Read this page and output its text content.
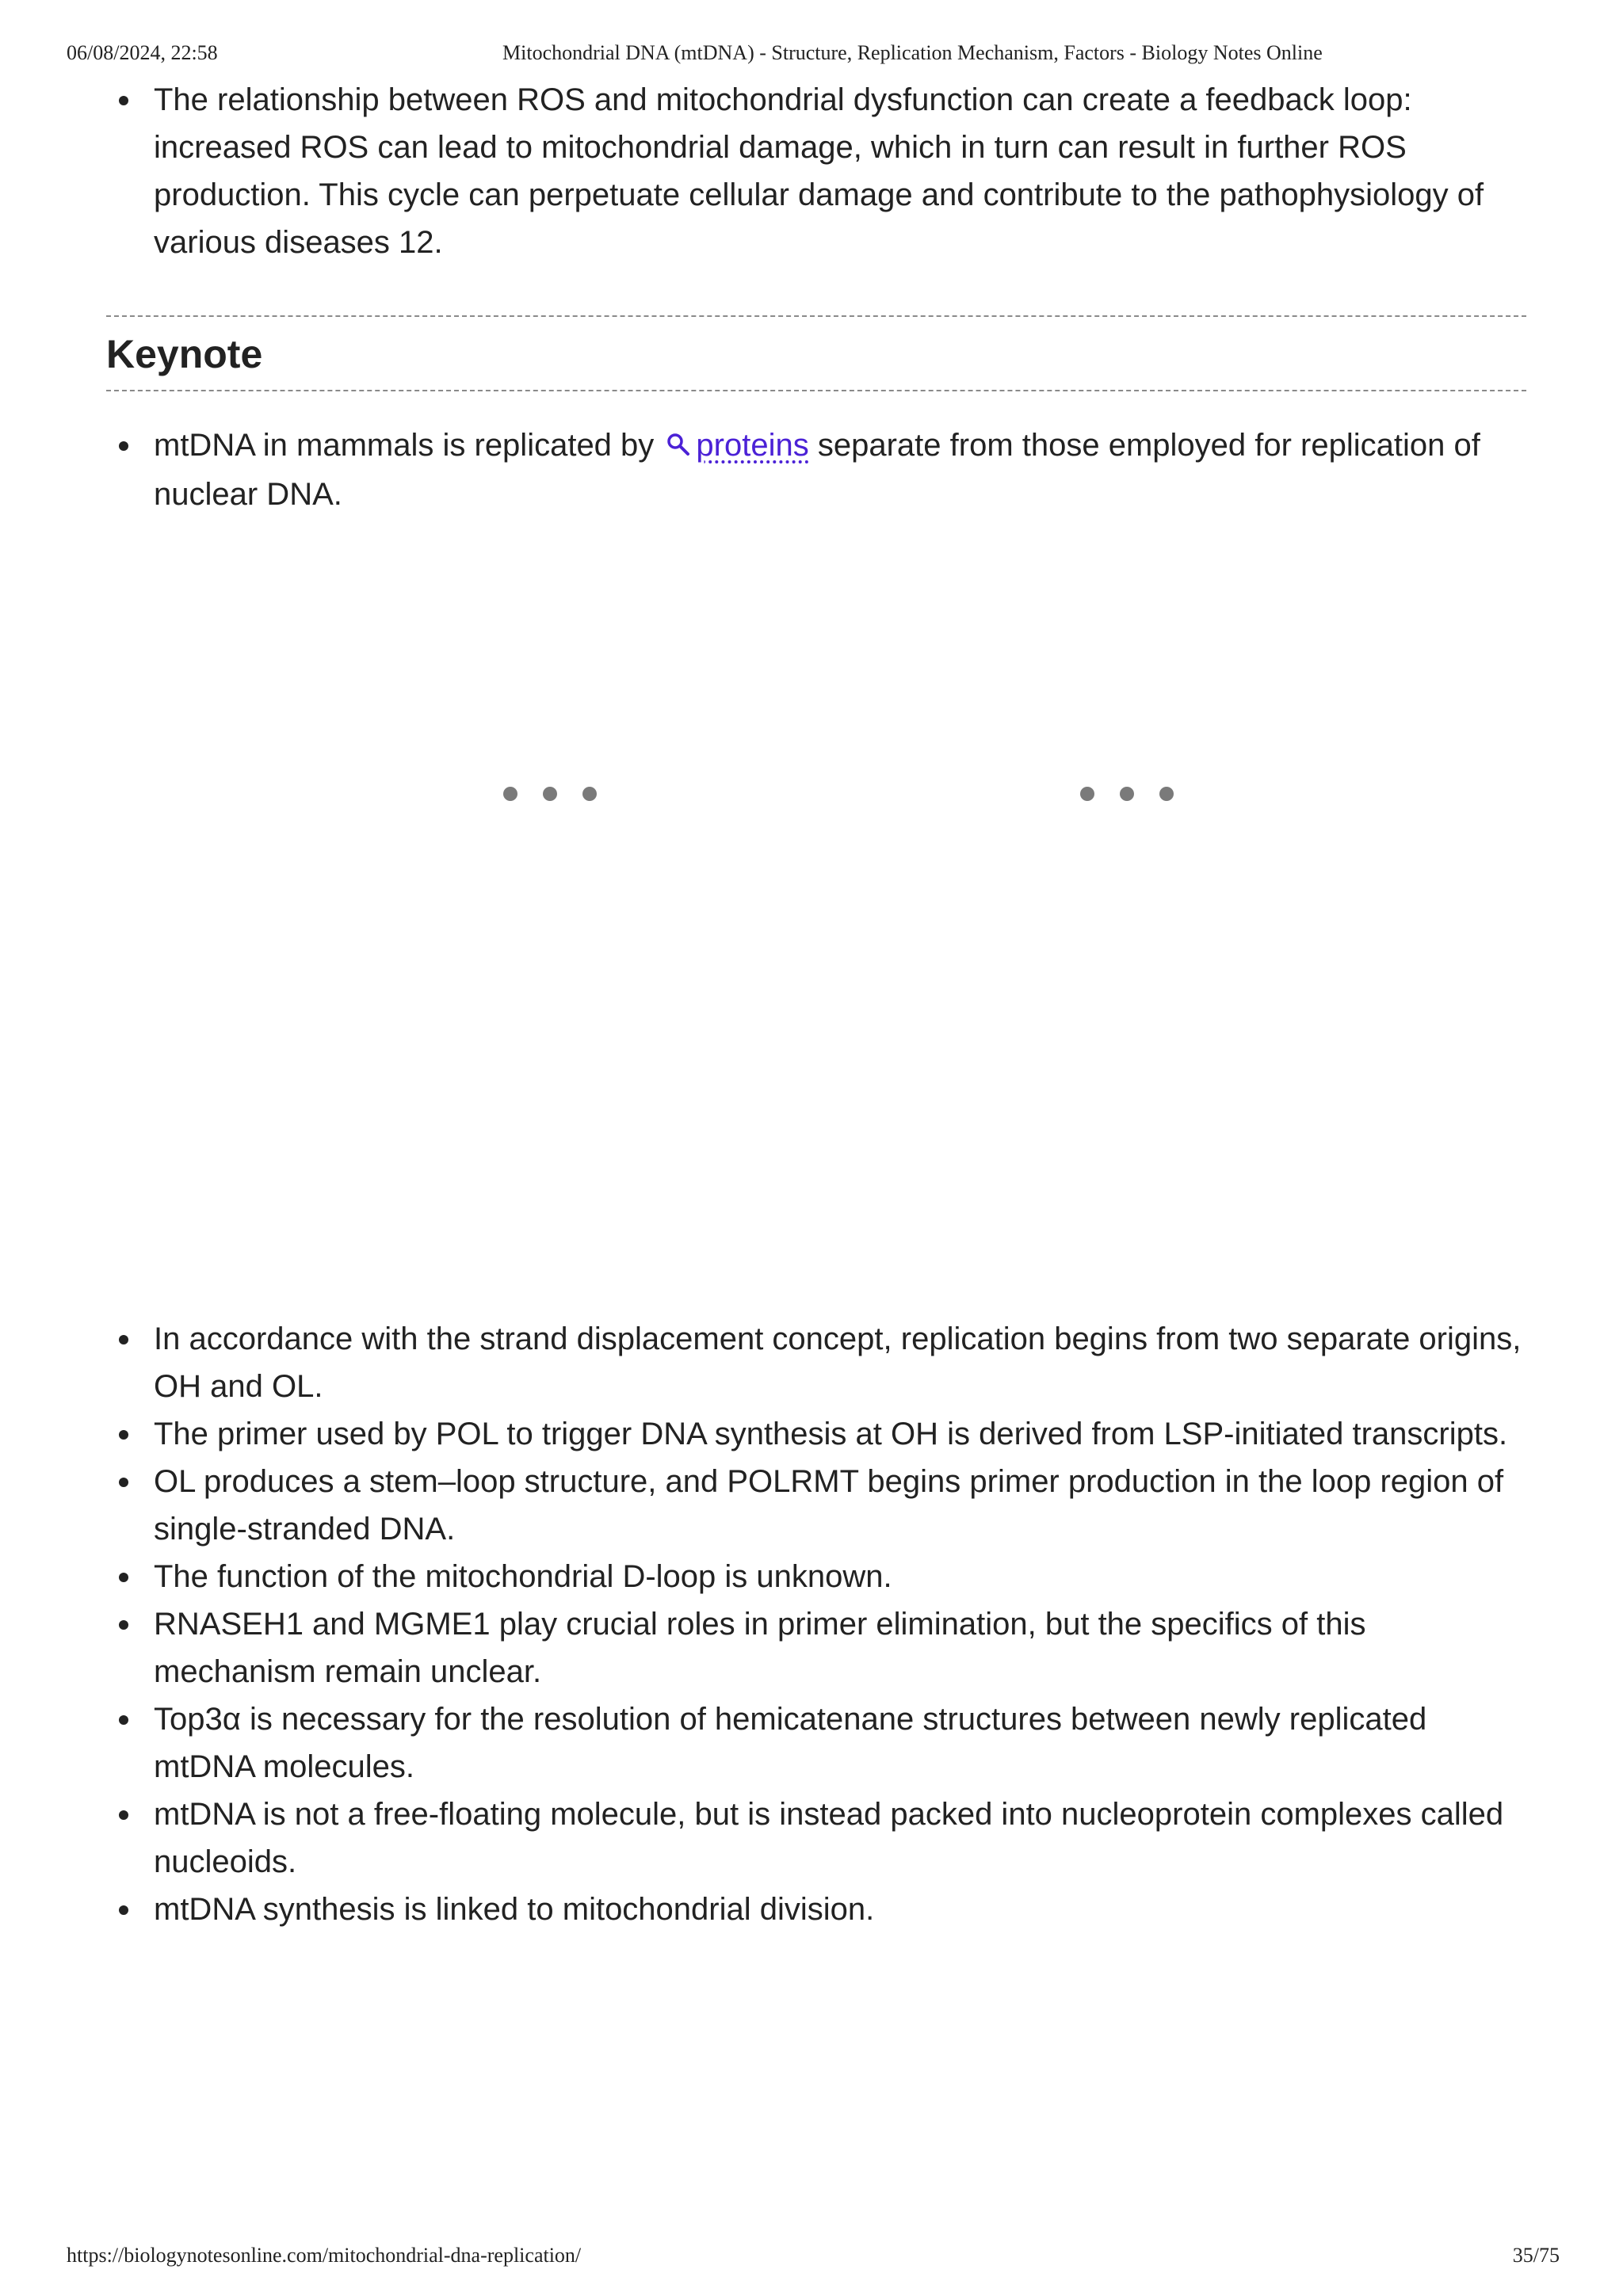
06/08/2024, 22:58	Mitochondrial DNA (mtDNA) - Structure, Replication Mechanism, Factors - Biology Notes Online
The relationship between ROS and mitochondrial dysfunction can create a feedback loop: increased ROS can lead to mitochondrial damage, which in turn can result in further ROS production. This cycle can perpetuate cellular damage and contribute to the pathophysiology of various diseases 12.
Keynote
mtDNA in mammals is replicated by proteins separate from those employed for replication of nuclear DNA.
In accordance with the strand displacement concept, replication begins from two separate origins, OH and OL.
The primer used by POL to trigger DNA synthesis at OH is derived from LSP-initiated transcripts.
OL produces a stem–loop structure, and POLRMT begins primer production in the loop region of single-stranded DNA.
The function of the mitochondrial D-loop is unknown.
RNASEH1 and MGME1 play crucial roles in primer elimination, but the specifics of this mechanism remain unclear.
Top3α is necessary for the resolution of hemicatenane structures between newly replicated mtDNA molecules.
mtDNA is not a free-floating molecule, but is instead packed into nucleoprotein complexes called nucleoids.
mtDNA synthesis is linked to mitochondrial division.
https://biologynotesonline.com/mitochondrial-dna-replication/	35/75
